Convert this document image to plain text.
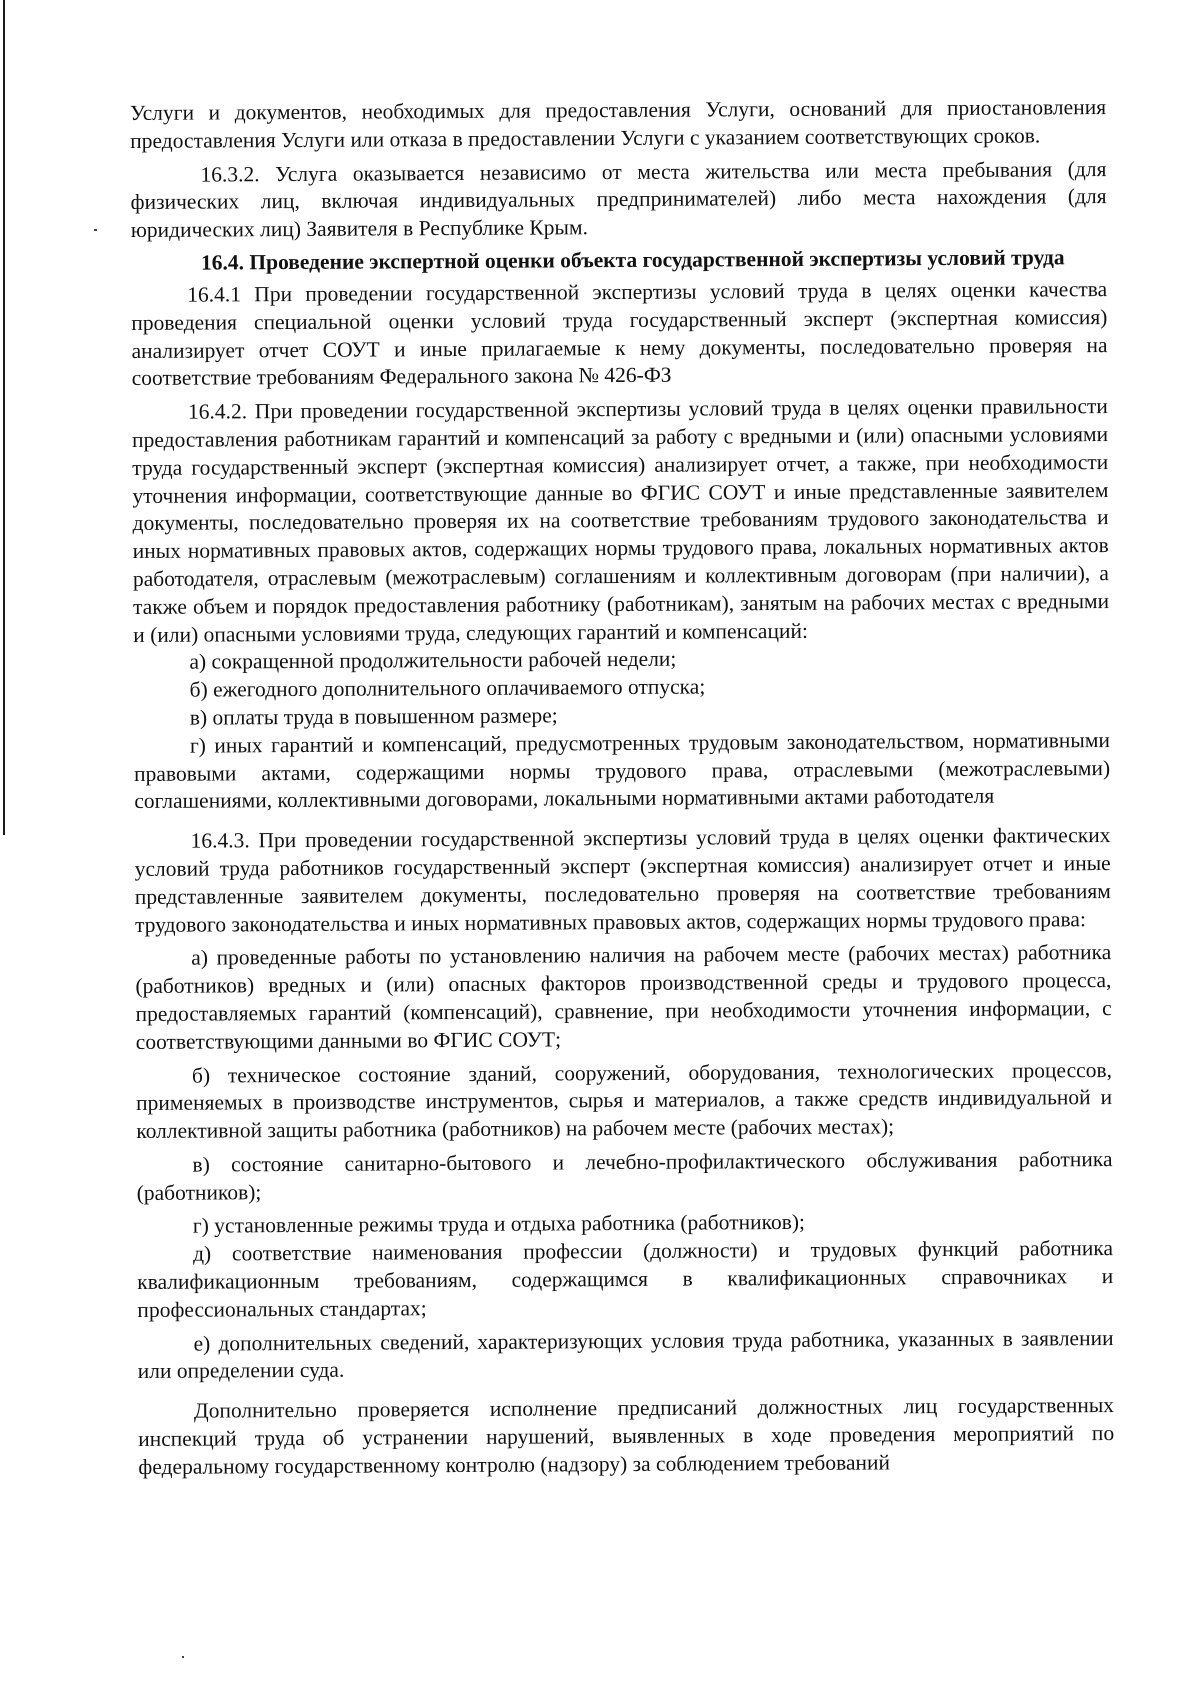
Услуги и документов, необходимых для предоставления Услуги, оснований для приостановления предоставления Услуги или отказа в предоставлении Услуги с указанием соответствующих сроков.

16.3.2. Услуга оказывается независимо от места жительства или места пребывания (для физических лиц, включая индивидуальных предпринимателей) либо места нахождения (для юридических лиц) Заявителя в Республике Крым.

16.4. Проведение экспертной оценки объекта государственной экспертизы условий труда

16.4.1 При проведении государственной экспертизы условий труда в целях оценки качества проведения специальной оценки условий труда государственный эксперт (экспертная комиссия) анализирует отчет СОУТ и иные прилагаемые к нему документы, последовательно проверяя на соответствие требованиям Федерального закона № 426-ФЗ

16.4.2. При проведении государственной экспертизы условий труда в целях оценки правильности предоставления работникам гарантий и компенсаций за работу с вредными и (или) опасными условиями труда государственный эксперт (экспертная комиссия) анализирует отчет, а также, при необходимости уточнения информации, соответствующие данные во ФГИС СОУТ и иные представленные заявителем документы, последовательно проверяя их на соответствие требованиям трудового законодательства и иных нормативных правовых актов, содержащих нормы трудового права, локальных нормативных актов работодателя, отраслевым (межотраслевым) соглашениям и коллективным договорам (при наличии), а также объем и порядок предоставления работнику (работникам), занятым на рабочих местах с вредными и (или) опасными условиями труда, следующих гарантий и компенсаций:

а) сокращенной продолжительности рабочей недели;

б) ежегодного дополнительного оплачиваемого отпуска;

в) оплаты труда в повышенном размере;

г) иных гарантий и компенсаций, предусмотренных трудовым законодательством, нормативными правовыми актами, содержащими нормы трудового права, отраслевыми (межотраслевыми) соглашениями, коллективными договорами, локальными нормативными актами работодателя

16.4.3. При проведении государственной экспертизы условий труда в целях оценки фактических условий труда работников государственный эксперт (экспертная комиссия) анализирует отчет и иные представленные заявителем документы, последовательно проверяя на соответствие требованиям трудового законодательства и иных нормативных правовых актов, содержащих нормы трудового права:

а) проведенные работы по установлению наличия на рабочем месте (рабочих местах) работника (работников) вредных и (или) опасных факторов производственной среды и трудового процесса, предоставляемых гарантий (компенсаций), сравнение, при необходимости уточнения информации, с соответствующими данными во ФГИС СОУТ;

б) техническое состояние зданий, сооружений, оборудования, технологических процессов, применяемых в производстве инструментов, сырья и материалов, а также средств индивидуальной и коллективной защиты работника (работников) на рабочем месте (рабочих местах);

в) состояние санитарно-бытового и лечебно-профилактического обслуживания работника (работников);

г) установленные режимы труда и отдыха работника (работников);

д) соответствие наименования профессии (должности) и трудовых функций работника квалификационным требованиям, содержащимся в квалификационных справочниках и профессиональных стандартах;

е) дополнительных сведений, характеризующих условия труда работника, указанных в заявлении или определении суда.

Дополнительно проверяется исполнение предписаний должностных лиц государственных инспекций труда об устранении нарушений, выявленных в ходе проведения мероприятий по федеральному государственному контролю (надзору) за соблюдением требований
